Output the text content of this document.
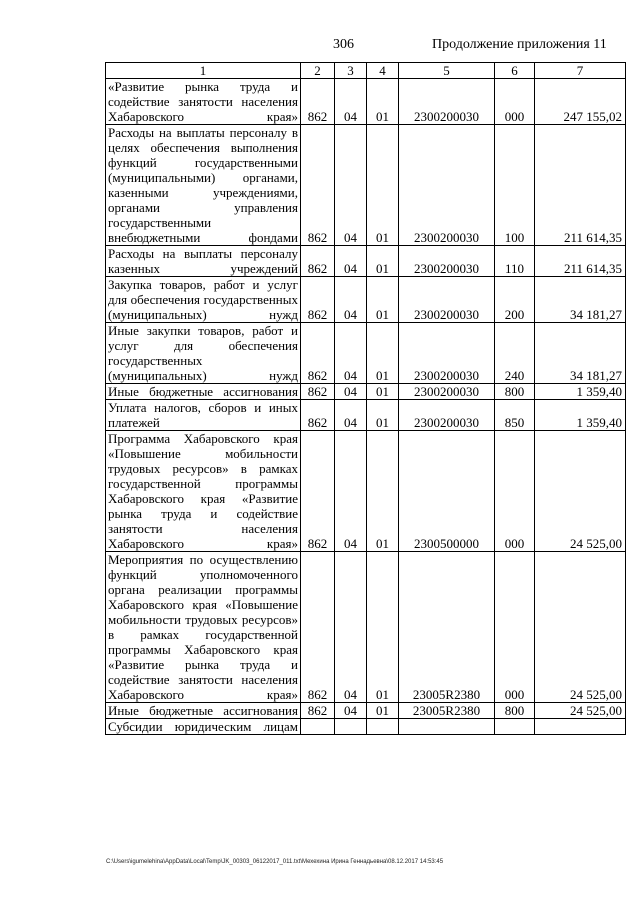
306	Продолжение приложения 11
1	2	3	4	5	6	7
«Развитие рынка труда и содействие занятости населения Хабаровского края»	862	04	01	2300200030	000	247 155,02
Расходы на выплаты персоналу в целях обеспечения выполнения функций государственными (муниципальными) органами, казенными учреждениями, органами управления государственными внебюджетными фондами	862	04	01	2300200030	100	211 614,35
Расходы на выплаты персоналу казенных учреждений	862	04	01	2300200030	110	211 614,35
Закупка товаров, работ и услуг для обеспечения государственных (муниципальных) нужд	862	04	01	2300200030	200	34 181,27
Иные закупки товаров, работ и услуг для обеспечения государственных (муниципальных) нужд	862	04	01	2300200030	240	34 181,27
Иные бюджетные ассигнования	862	04	01	2300200030	800	1 359,40
Уплата налогов, сборов и иных платежей	862	04	01	2300200030	850	1 359,40
Программа Хабаровского края «Повышение мобильности трудовых ресурсов» в рамках государственной программы Хабаровского края «Развитие рынка труда и содействие занятости населения Хабаровского края»	862	04	01	2300500000	000	24 525,00
Мероприятия по осуществлению функций уполномоченного органа реализации программы Хабаровского края «Повышение мобильности трудовых ресурсов» в рамках государственной программы Хабаровского края «Развитие рынка труда и содействие занятости населения Хабаровского края»	862	04	01	23005R2380	000	24 525,00
Иные бюджетные ассигнования	862	04	01	23005R2380	800	24 525,00
Субсидии юридическим лицам						
C:\Users\igumelehina\AppData\Local\Temp\JK_00303_06122017_011.txt\Мехехина Ирина Геннадьевна\08.12.2017 14:53:45
